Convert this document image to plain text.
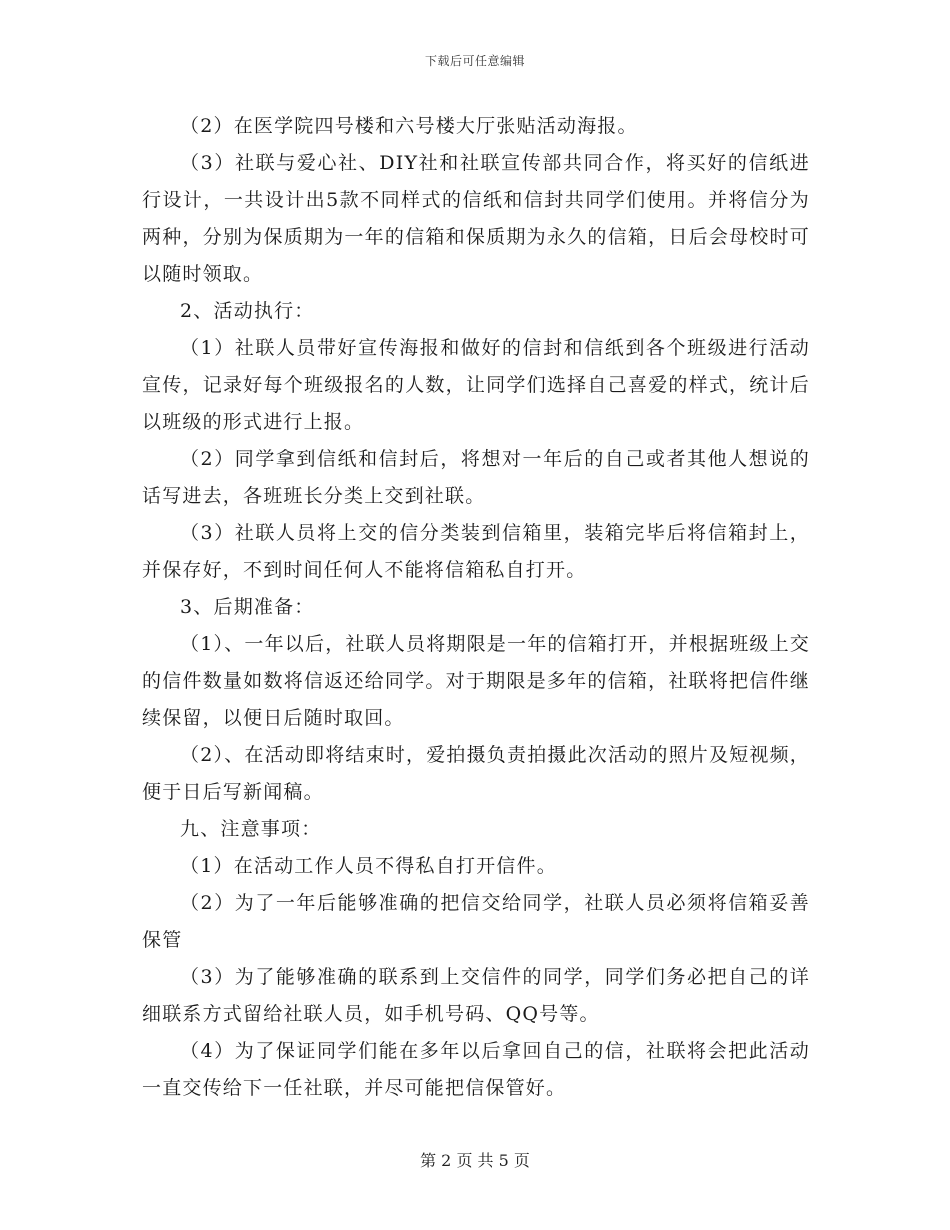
下载后可任意编辑

（2）在医学院四号楼和六号楼大厅张贴活动海报。

（3）社联与爱心社、DIY社和社联宣传部共同合作，将买好的信纸进行设计，一共设计出5款不同样式的信纸和信封共同学们使用。并将信分为两种，分别为保质期为一年的信箱和保质期为永久的信箱，日后会母校时可以随时领取。

2、活动执行：

（1）社联人员带好宣传海报和做好的信封和信纸到各个班级进行活动宣传，记录好每个班级报名的人数，让同学们选择自己喜爱的样式，统计后以班级的形式进行上报。

（2）同学拿到信纸和信封后，将想对一年后的自己或者其他人想说的话写进去，各班班长分类上交到社联。

（3）社联人员将上交的信分类装到信箱里，装箱完毕后将信箱封上，并保存好，不到时间任何人不能将信箱私自打开。

3、后期准备：

（1）、一年以后，社联人员将期限是一年的信箱打开，并根据班级上交的信件数量如数将信返还给同学。对于期限是多年的信箱，社联将把信件继续保留，以便日后随时取回。

（2）、在活动即将结束时，爱拍摄负责拍摄此次活动的照片及短视频，便于日后写新闻稿。

九、注意事项：

（1）在活动工作人员不得私自打开信件。

（2）为了一年后能够准确的把信交给同学，社联人员必须将信箱妥善保管

（3）为了能够准确的联系到上交信件的同学，同学们务必把自己的详细联系方式留给社联人员，如手机号码、QQ号等。

（4）为了保证同学们能在多年以后拿回自己的信，社联将会把此活动一直交传给下一任社联，并尽可能把信保管好。

第 2 页 共 5 页
